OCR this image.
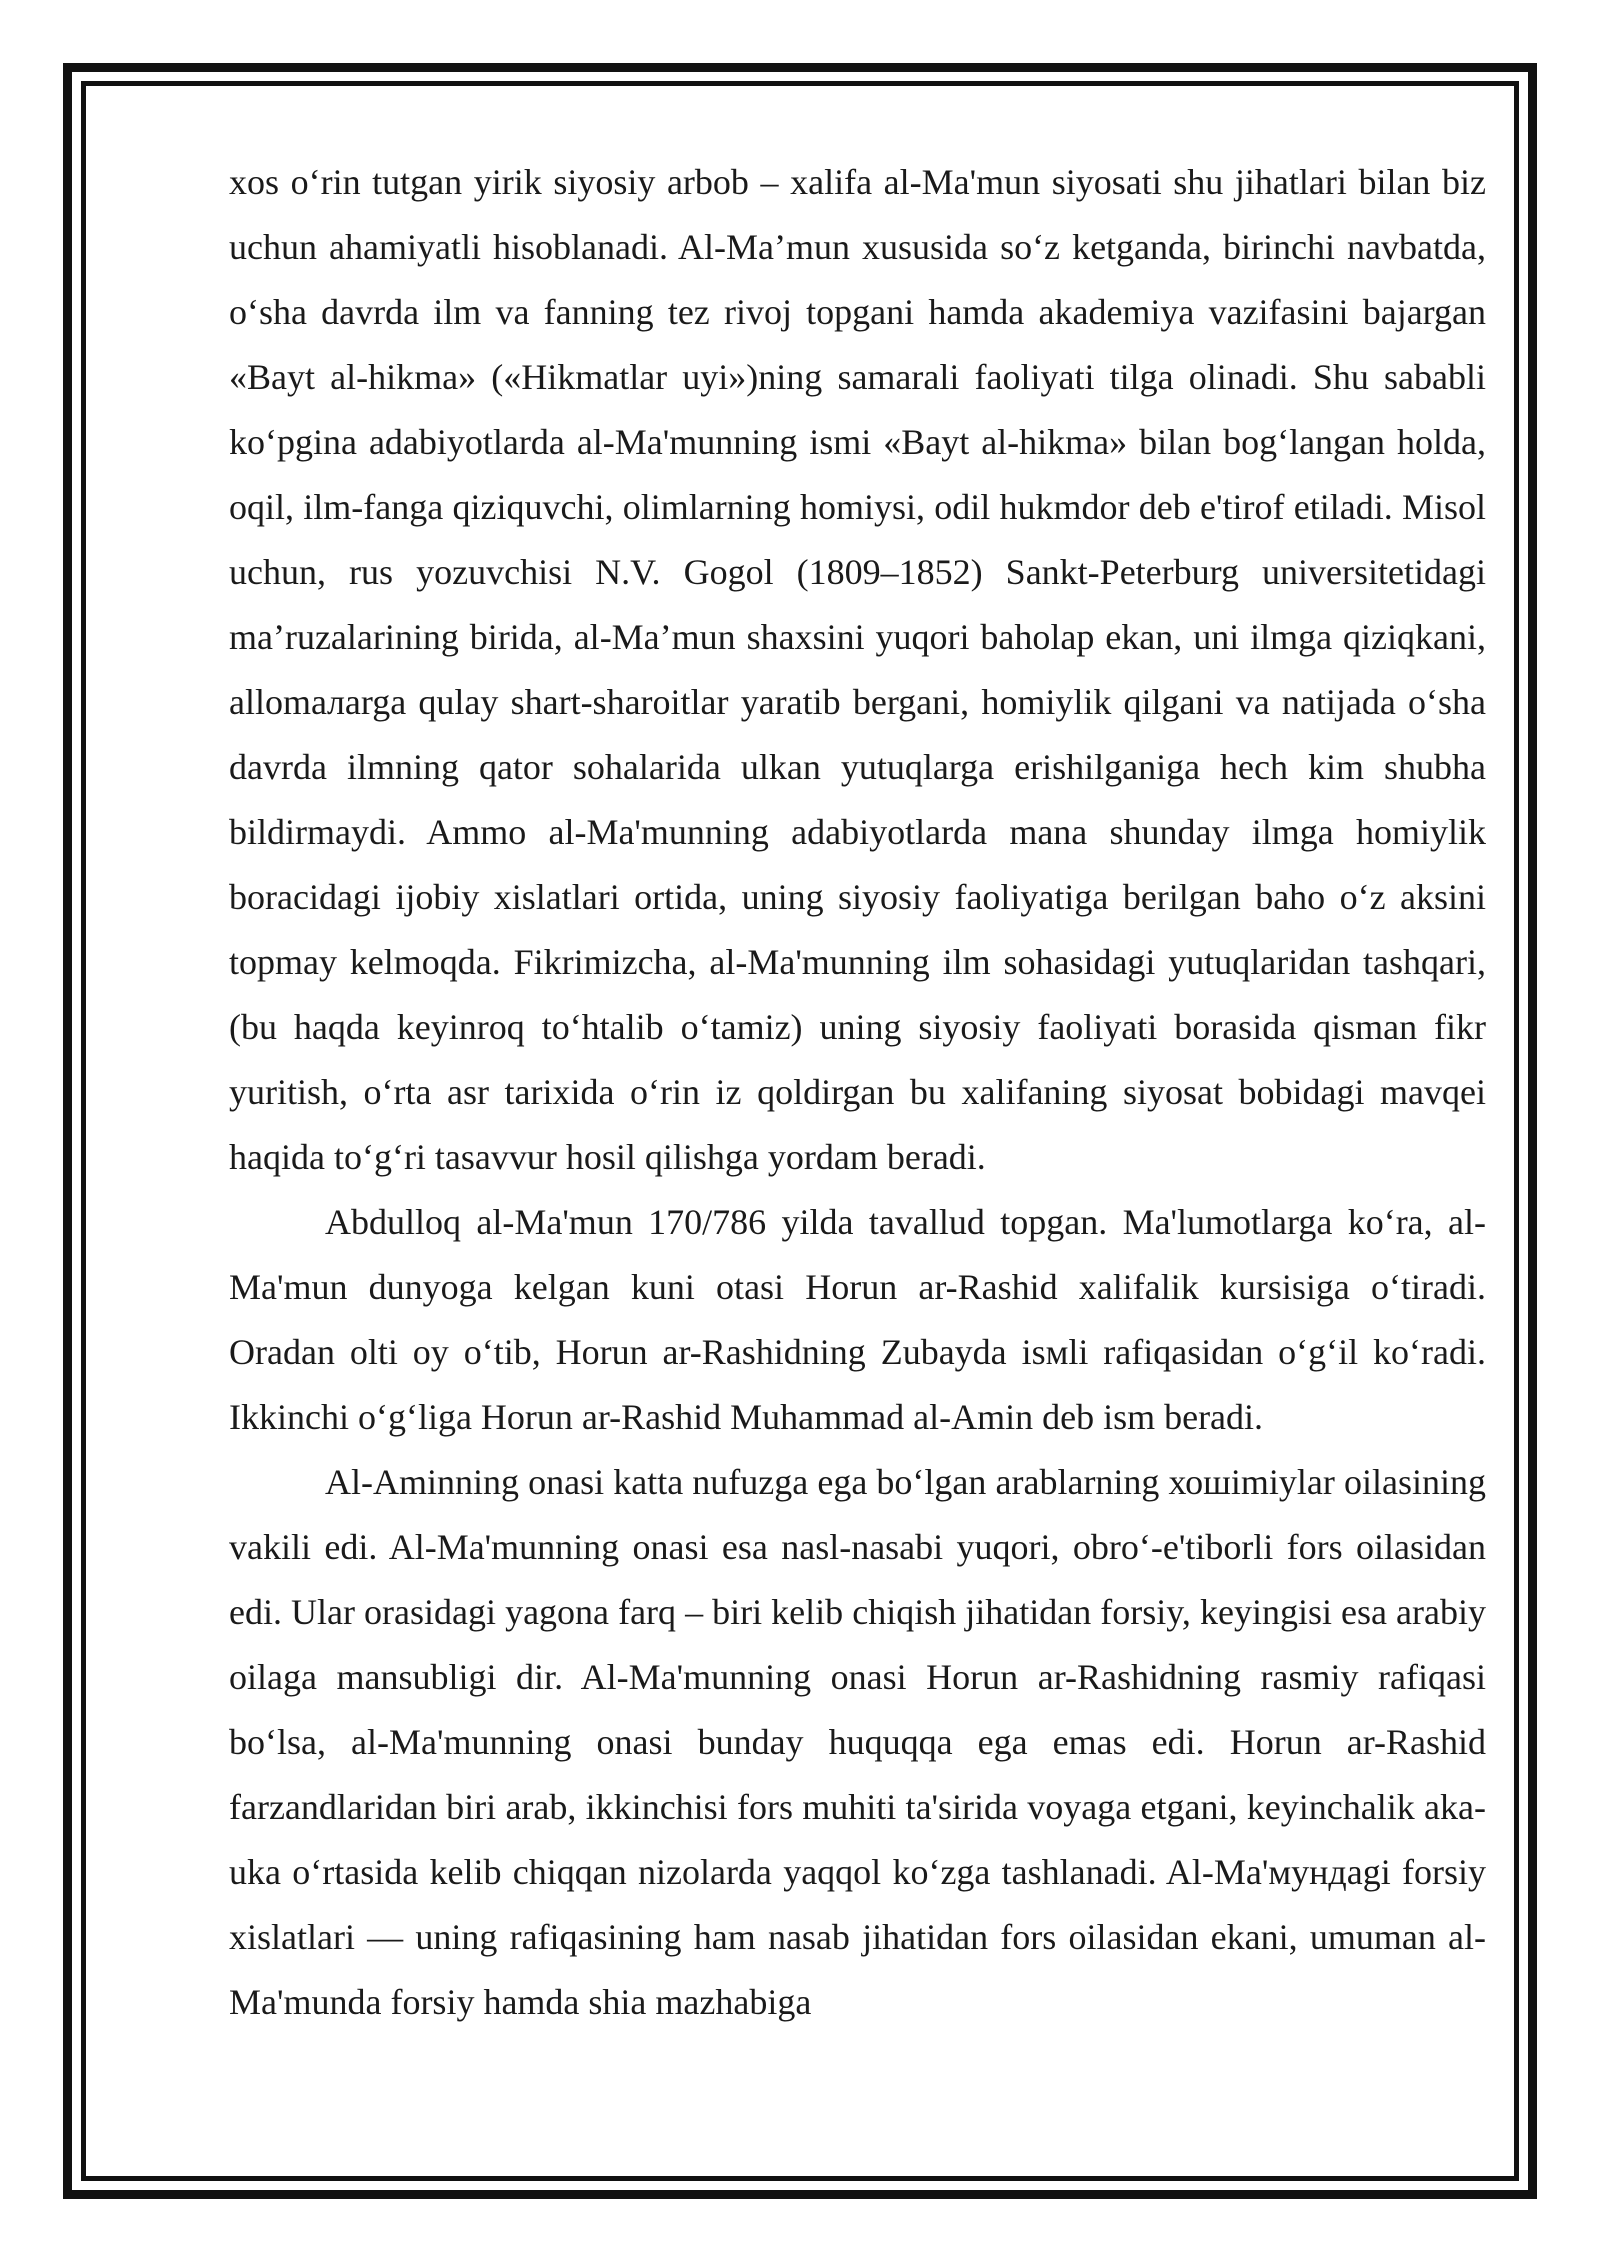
xos oʻrin tutgan yirik siyosiy arbob – xalifa al-Ma'mun siyosati shu jihatlari bilan biz uchun ahamiyatli hisoblanadi. Al-Ma’mun xususida soʻz ketganda, birinchi navbatda, oʻsha davrda ilm va fanning tez rivoj topgani hamda akademiya vazifasini bajargan «Bayt al-hikma» («Hikmatlar uyi»)ning samarali faoliyati tilga olinadi. Shu sababli koʻpgina adabiyotlarda al-Ma'munning ismi «Bayt al-hikma» bilan bogʻlangan holda, oqil, ilm-fanga qiziquvchi, olimlarning homiysi, odil hukmdor deb e'tirof etiladi. Misol uchun, rus yozuvchisi N.V. Gogol (1809–1852) Sankt-Peterburg universitetidagi ma’ruzalarining birida, al-Ma’mun shaxsini yuqori baholap ekan, uni ilmga qiziqkani, allomaлarga qulay shart-sharoitlar yaratib bergani, homiylik qilgani va natijada oʻsha davrda ilmning qator sohalarida ulkan yutuqlarga erishilganiga hech kim shubha bildirmaydi. Ammo al-Ma'munning adabiyotlarda mana shunday ilmga homiylik boracidagi ijobiy xislatlari ortida, uning siyosiy faoliyatiga berilgan baho oʻz aksini topmay kelmoqda. Fikrimizcha, al-Ma'munning ilm sohasidagi yutuqlaridan tashqari, (bu haqda keyinroq toʻhtalib oʻtamiz) uning siyosiy faoliyati borasida qisman fikr yuritish, oʻrta asr tarixida oʻrin iz qoldirgan bu xalifaning siyosat bobidagi mavqei haqida toʻgʻri tasavvur hosil qilishga yordam beradi.

Abdulloq al-Ma'mun 170/786 yilda tavallud topgan. Ma'lumotlarga koʻra, al-Ma'mun dunyoga kelgan kuni otasi Horun ar-Rashid xalifalik kursisiga oʻtiradi. Oradan olti oy oʻtib, Horun ar-Rashidning Zubayda isмli rafiqasidan oʻgʻil koʻradi. Ikkinchi oʻgʻliga Horun ar-Rashid Muhammad al-Amin deb ism beradi.

Al-Aminning onasi katta nufuzga ega boʻlgan arablarning хошimiylar oilasining vakili edi. Al-Ma'munning onasi esa nasl-nasabi yuqori, obroʻ-e'tiborli fors oilasidan edi. Ular orasidagi yagona farq – biri kelib chiqish jihatidan forsiy, keyingisi esa arabiy oilaga mansubligi dir. Al-Ma'munning onasi Horun ar-Rashidning rasmiy rafiqasi boʻlsa, al-Ma'munning onasi bunday huquqqa ega emas edi. Horun ar-Rashid farzandlaridan biri arab, ikkinchisi fors muhiti ta'sirida voyaga etgani, keyinchalik aka-uka oʻrtasida kelib chiqqan nizolarda yaqqol koʻzga tashlanadi. Al-Ma'мундagi forsiy xislatlari — uning rafiqasining ham nasab jihatidan fors oilasidan ekani, umuman al-Ma'munda forsiy hamda shia mazhabiga
